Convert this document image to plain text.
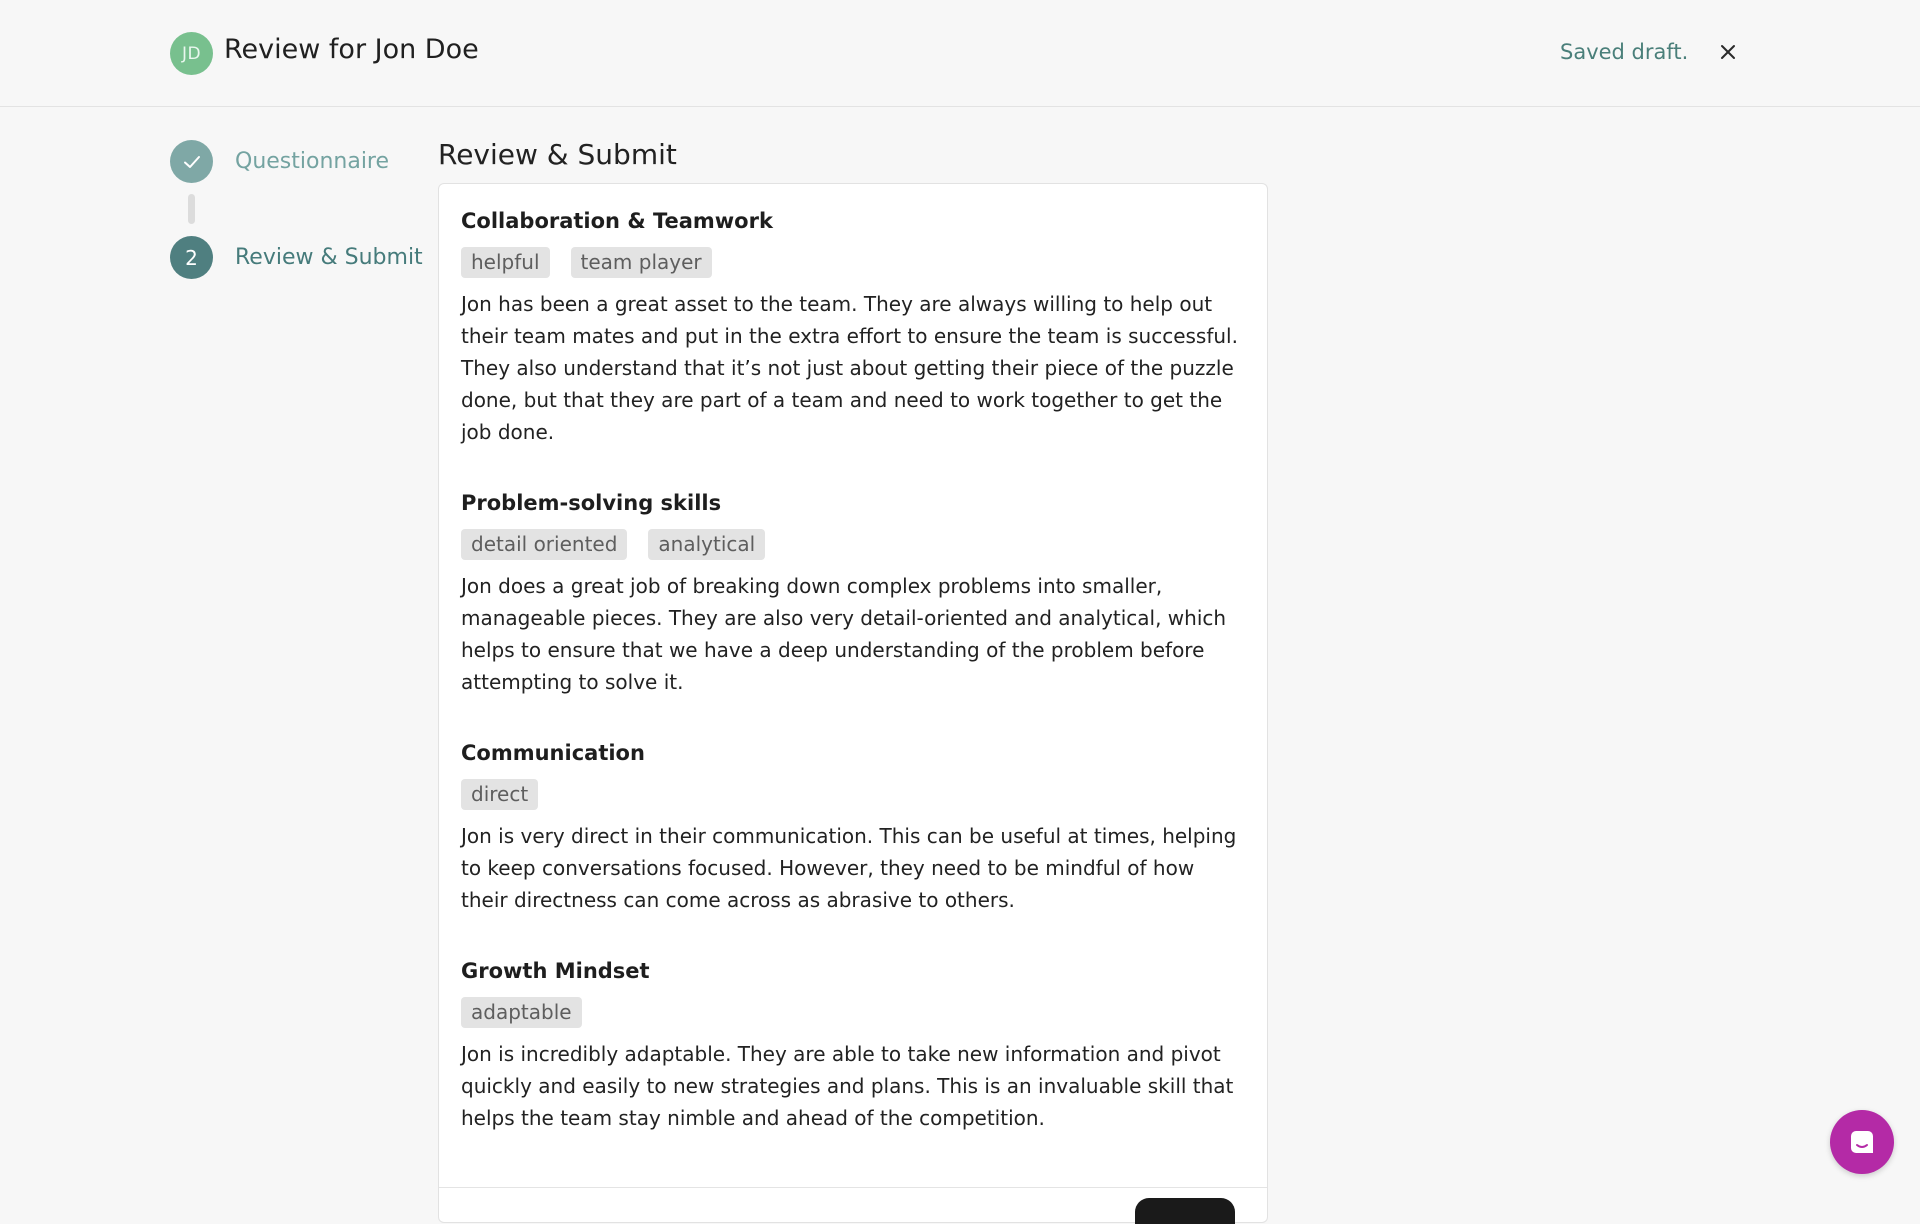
JD Review for Jon Doe	Saved draft.
Questionnaire
2	Review & Submit
Review & Submit
Collaboration & Teamwork
helpful	team player
Jon has been a great asset to the team. They are always willing to help out their team mates and put in the extra effort to ensure the team is successful. They also understand that it’s not just about getting their piece of the puzzle done, but that they are part of a team and need to work together to get the job done.
Problem-solving skills
detail oriented	analytical
Jon does a great job of breaking down complex problems into smaller, manageable pieces. They are also very detail-oriented and analytical, which helps to ensure that we have a deep understanding of the problem before attempting to solve it.
Communication
direct
Jon is very direct in their communication. This can be useful at times, helping to keep conversations focused. However, they need to be mindful of how their directness can come across as abrasive to others.
Growth Mindset
adaptable
Jon is incredibly adaptable. They are able to take new information and pivot quickly and easily to new strategies and plans. This is an invaluable skill that helps the team stay nimble and ahead of the competition.
